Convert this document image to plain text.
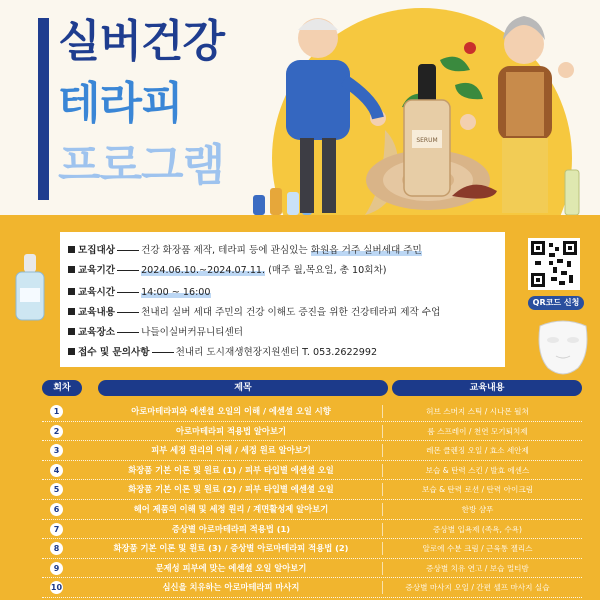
실버건강
테라피
프로그램	SERUM
모집대상	건강 화장품 제작, 테라피 등에 관심있는 화원읍 거주 실버세대 주민
교육기간	2024.06.10.~2024.07.11. (매주 월,목요일, 총 10회차)
교육시간	14:00 ~ 16:00
교육내용	천내리 실버 세대 주민의 건강 이해도 증진을 위한 건강테라피 제작 수업
교육장소	나들이실버커뮤니티센터
접수 및 문의사항	천내리 도시재생현장지원센터 T. 053.2622992
QR코드 신청
회차	제목	교육내용
1	아로마테라피와 에센셜 오일의 이해 / 에센셜 오일 시향	허브 스머지 스틱 / 시나몬 될쳐
2	아로마테라피 적용법 알아보기	룸 스프레이 / 천연 모기퇴치제
3	피부 세정 원리의 이해 / 세정 원료 알아보기	레몬 클렌징 오일 / 효소 세안제
4	화장품 기본 이론 및 원료 (1) / 피부 타입별 에센셜 오일	보습 & 탄력 스킨 / 발효 에센스
5	화장품 기본 이론 및 원료 (2) / 피부 타입별 에센셜 오일	보습 & 탄력 로션 / 탄력 아이크림
6	헤어 제품의 이해 및 세정 원리 / 계면활성제 알아보기	한방 샴푸
7	증상별 아로마테라피 적용법 (1)	증상별 입욕제 (족욕, 수욕)
8	화장품 기본 이론 및 원료 (3) / 증상별 아로마테라피 적용법 (2)	알로에 수분 크림 / 근육통 젤리스
9	문제성 피부에 맞는 에센셜 오일 알아보기	증상별 치유 연고 / 보습 멀티밤
10	심신을 치유하는 아로마테라피 마사지	증상별 마사지 오일 / 간편 셀프 마사지 실습
